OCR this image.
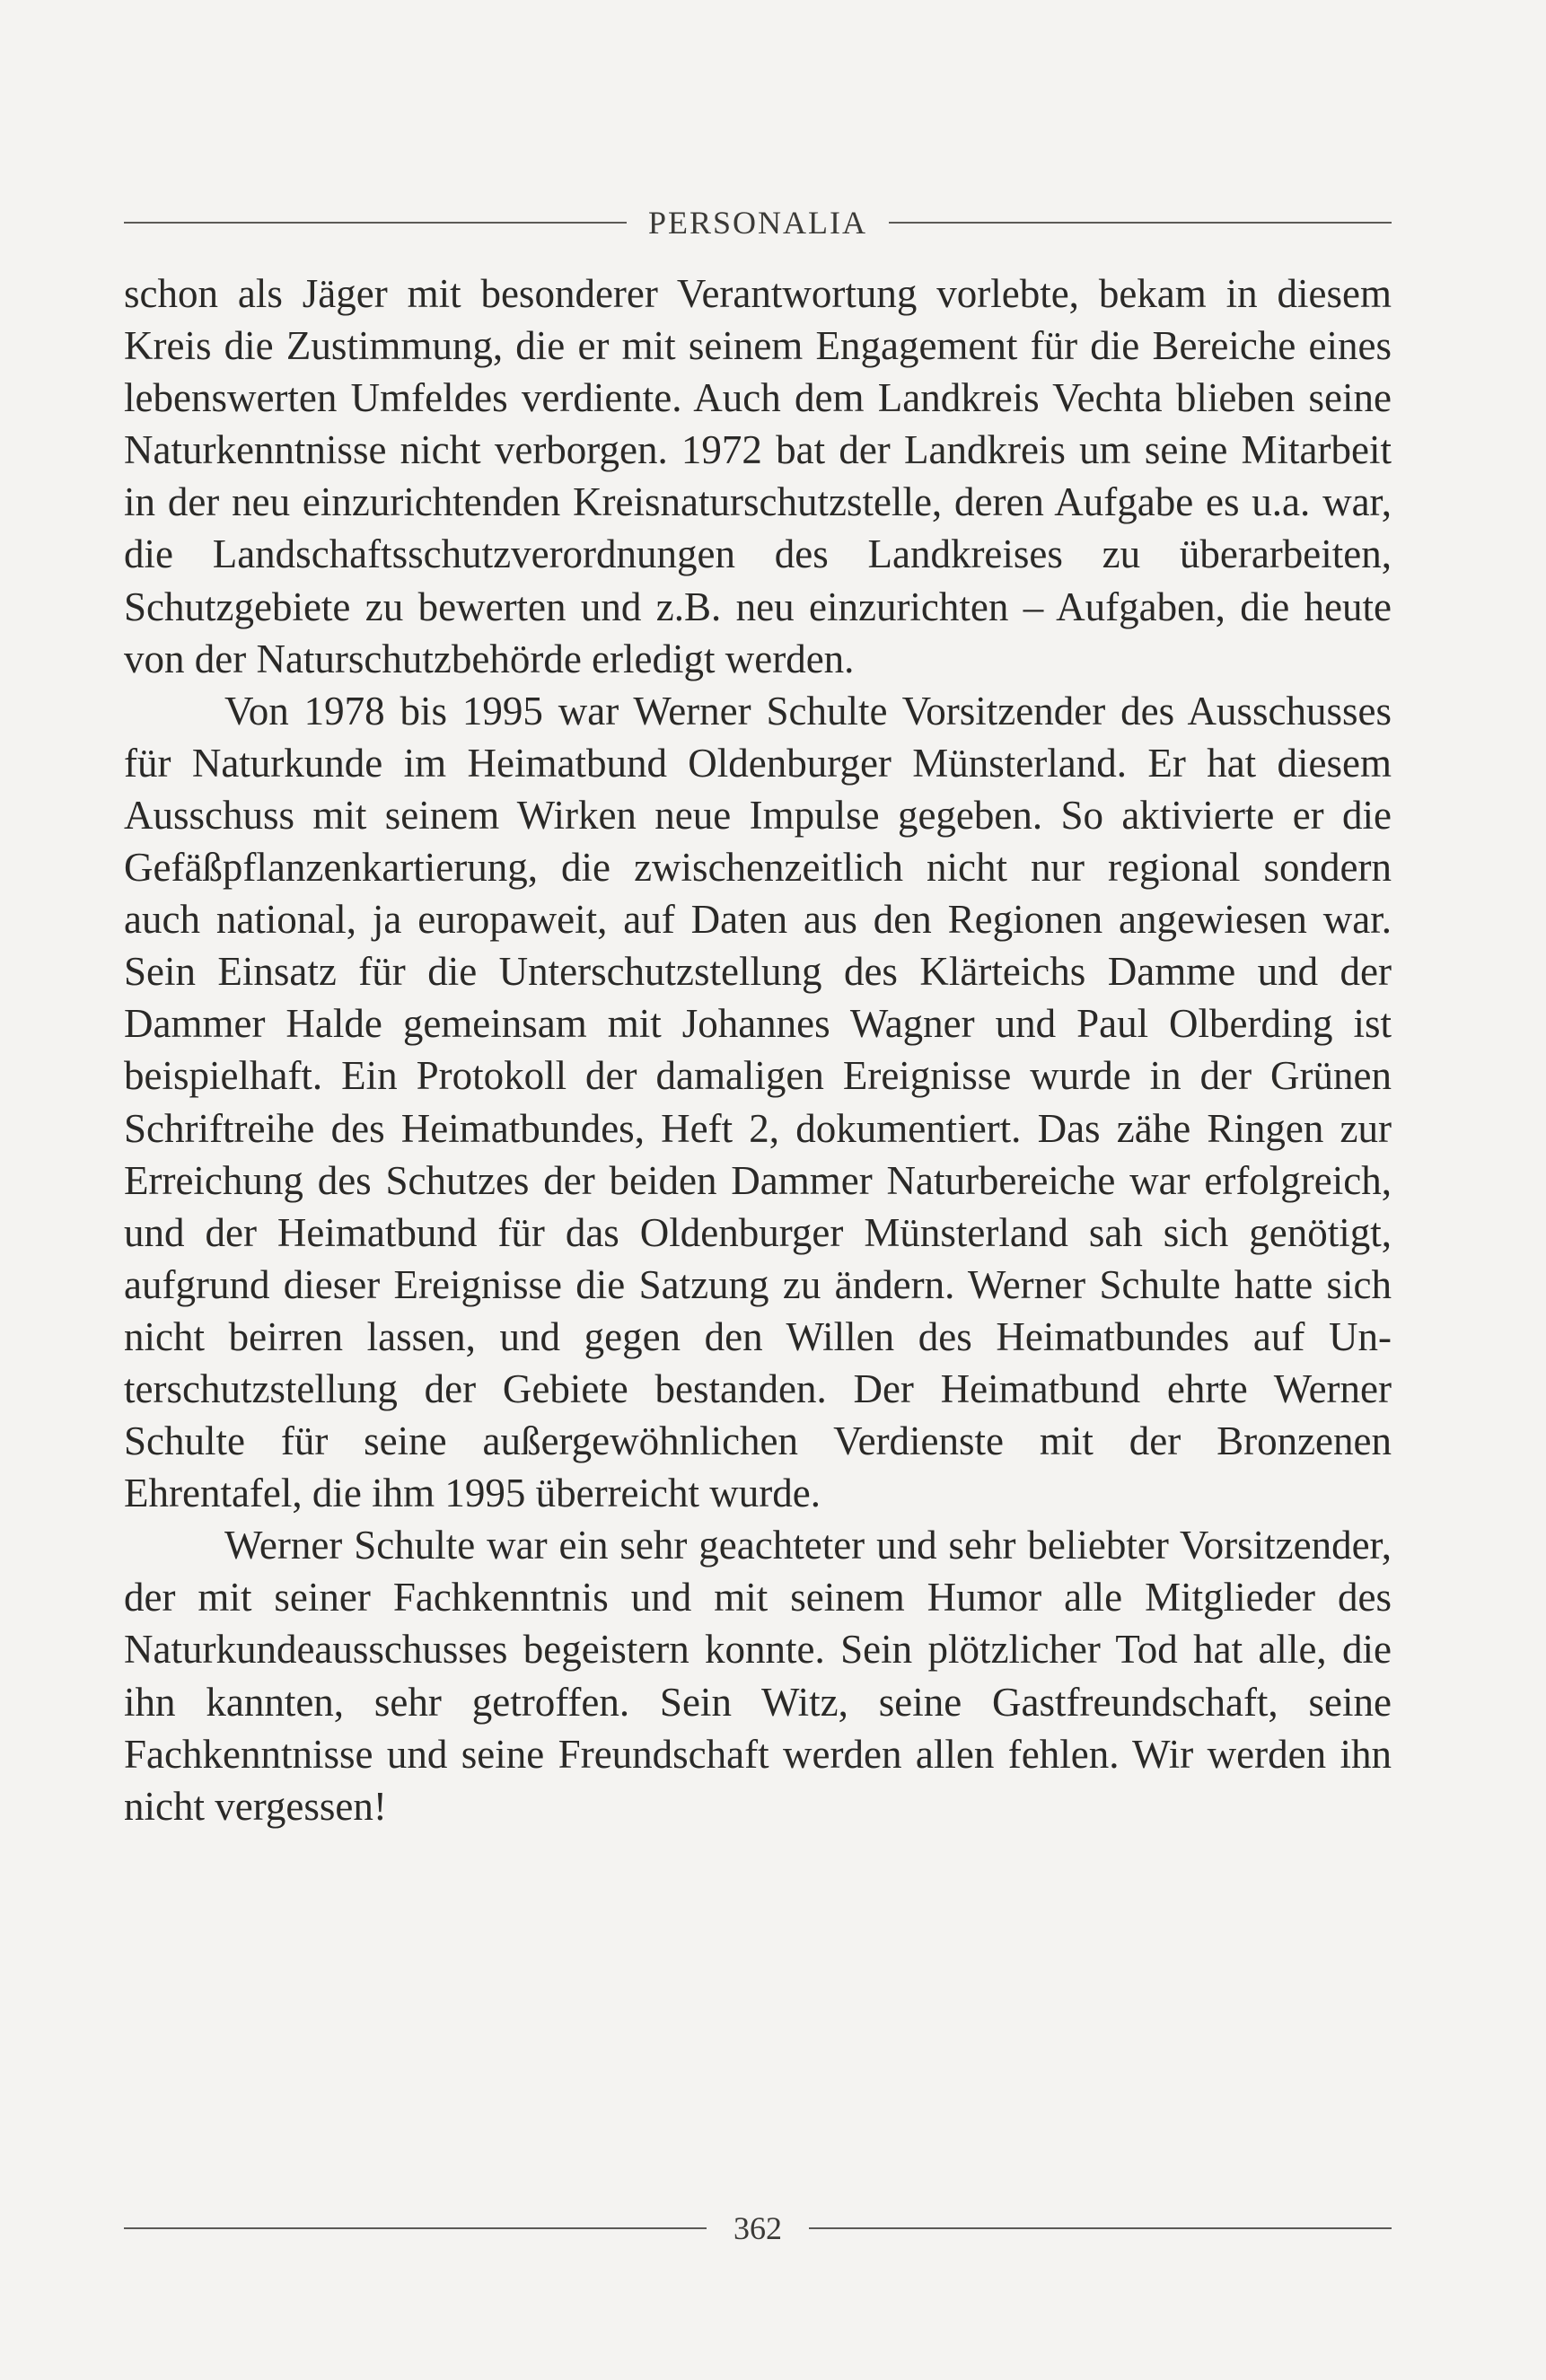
PERSONALIA

schon als Jäger mit besonderer Verantwortung vorlebte, bekam in diesem Kreis die Zustimmung, die er mit seinem Engagement für die Bereiche eines lebenswerten Umfeldes verdiente. Auch dem Landkreis Vechta blieben seine Naturkenntnisse nicht verborgen. 1972 bat der Landkreis um seine Mitarbeit in der neu einzurichtenden Kreisnaturschutzstelle, deren Aufgabe es u.a. war, die Landschaftsschutzverordnungen des Landkreises zu überarbeiten, Schutzgebiete zu bewerten und z.B. neu einzurichten – Aufgaben, die heute von der Naturschutzbehörde erledigt werden.

Von 1978 bis 1995 war Werner Schulte Vorsitzender des Ausschusses für Naturkunde im Heimatbund Oldenburger Münsterland. Er hat diesem Ausschuss mit seinem Wirken neue Impulse gegeben. So aktivierte er die Gefäßpflanzenkartierung, die zwischenzeitlich nicht nur regional sondern auch national, ja europaweit, auf Daten aus den Regionen angewiesen war. Sein Einsatz für die Unterschutzstellung des Klärteichs Damme und der Dammer Halde gemeinsam mit Johannes Wagner und Paul Olberding ist beispielhaft. Ein Protokoll der damaligen Ereignisse wurde in der Grünen Schriftreihe des Heimatbundes, Heft 2, dokumentiert. Das zähe Ringen zur Erreichung des Schutzes der beiden Dammer Naturbereiche war erfolgreich, und der Heimatbund für das Oldenburger Münsterland sah sich genötigt, aufgrund dieser Ereignisse die Satzung zu ändern. Werner Schulte hatte sich nicht beirren lassen, und gegen den Willen des Heimatbundes auf Unterschutzstellung der Gebiete bestanden. Der Heimatbund ehrte Werner Schulte für seine außergewöhnlichen Verdienste mit der Bronzenen Ehrentafel, die ihm 1995 überreicht wurde.

Werner Schulte war ein sehr geachteter und sehr beliebter Vorsitzender, der mit seiner Fachkenntnis und mit seinem Humor alle Mitglieder des Naturkundeausschusses begeistern konnte. Sein plötzlicher Tod hat alle, die ihn kannten, sehr getroffen. Sein Witz, seine Gastfreundschaft, seine Fachkenntnisse und seine Freundschaft werden allen fehlen. Wir werden ihn nicht vergessen!

362
